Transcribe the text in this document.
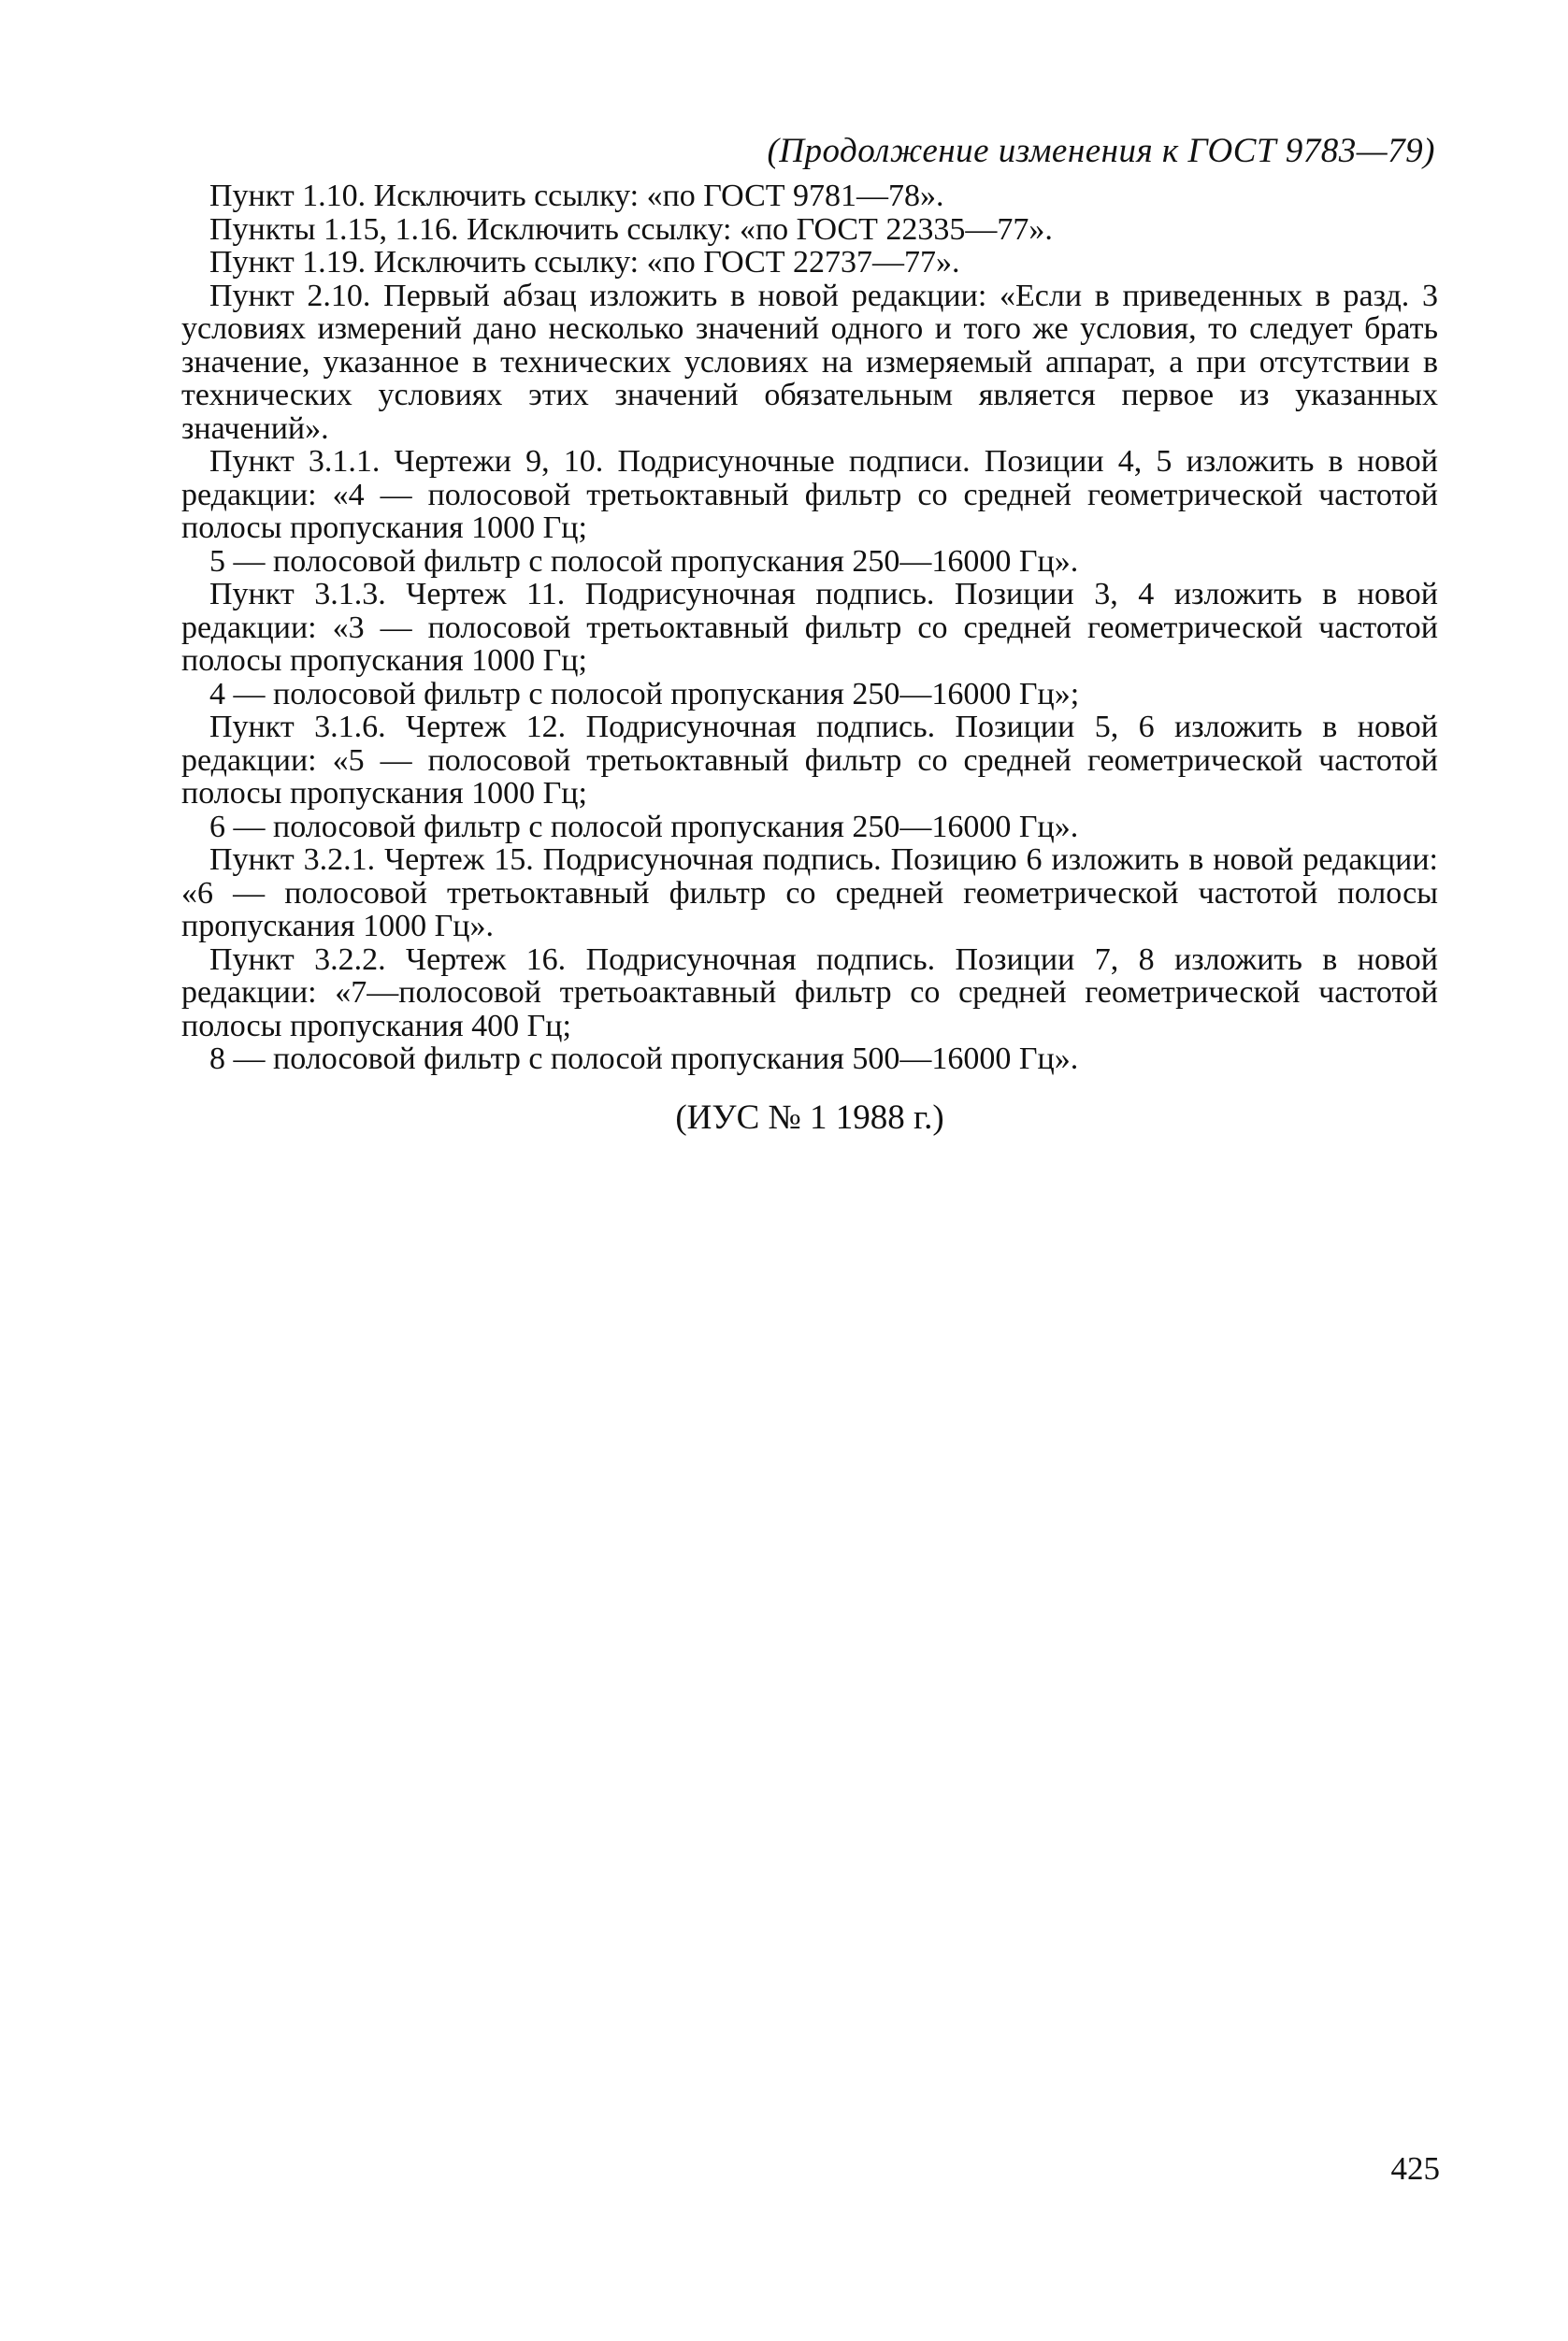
(Продолжение изменения к ГОСТ 9783—79)

Пункт 1.10. Исключить ссылку: «по ГОСТ 9781—78».

Пункты 1.15, 1.16. Исключить ссылку: «по ГОСТ 22335—77».

Пункт 1.19. Исключить ссылку: «по ГОСТ 22737—77».

Пункт 2.10. Первый абзац изложить в новой редакции: «Если в приведенных в разд. 3 условиях измерений дано несколько значений одного и того же условия, то следует брать значение, указанное в технических условиях на измеряемый аппарат, а при отсутствии в технических условиях этих значений обязательным является первое из указанных значений».

Пункт 3.1.1. Чертежи 9, 10. Подрисуночные подписи. Позиции 4, 5 изложить в новой редакции: «4 — полосовой третьоктавный фильтр со средней геометрической частотой полосы пропускания 1000 Гц;

5 — полосовой фильтр с полосой пропускания 250—16000 Гц».

Пункт 3.1.3. Чертеж 11. Подрисуночная подпись. Позиции 3, 4 изложить в новой редакции: «3 — полосовой третьоктавный фильтр со средней геометрической частотой полосы пропускания 1000 Гц;

4 — полосовой фильтр с полосой пропускания 250—16000 Гц»;

Пункт 3.1.6. Чертеж 12. Подрисуночная подпись. Позиции 5, 6 изложить в новой редакции: «5 — полосовой третьоктавный фильтр со средней геометрической частотой полосы пропускания 1000 Гц;

6 — полосовой фильтр с полосой пропускания 250—16000 Гц».

Пункт 3.2.1. Чертеж 15. Подрисуночная подпись. Позицию 6 изложить в новой редакции: «6 — полосовой третьоктавный фильтр со средней геометрической частотой полосы пропускания 1000 Гц».

Пункт 3.2.2. Чертеж 16. Подрисуночная подпись. Позиции 7, 8 изложить в новой редакции: «7—полосовой третьоактавный фильтр со средней геометрической частотой полосы пропускания 400 Гц;

8 — полосовой фильтр с полосой пропускания 500—16000 Гц».

(ИУС № 1 1988 г.)
425
